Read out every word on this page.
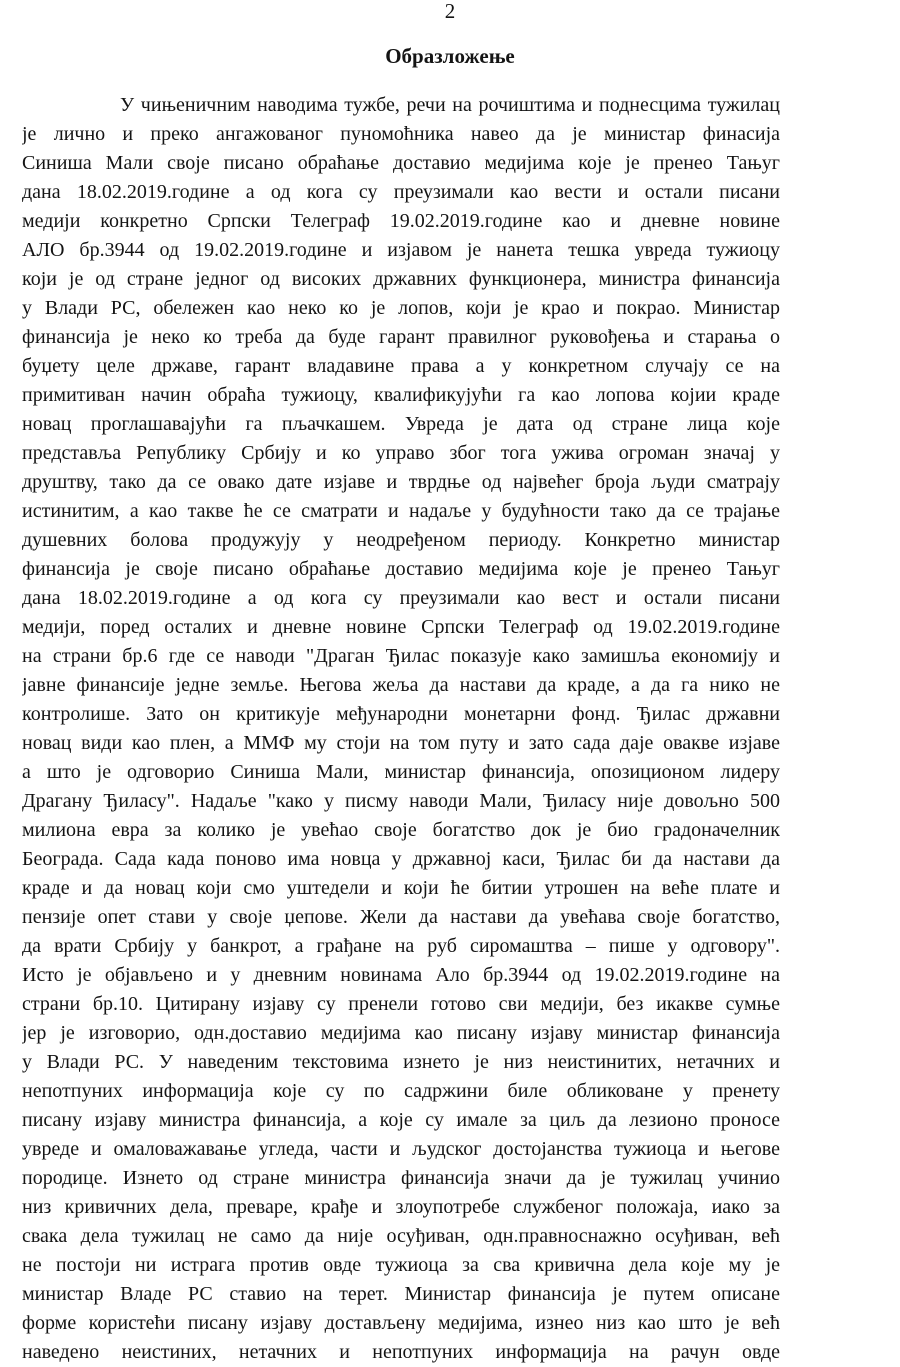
2
Образложење
У чињеничним наводима тужбе, речи на рочиштима и поднесцима тужилац
је лично и преко ангажованог пуномоћника навео да је министар финасија
Синиша Мали своје писано обраћање доставио медијима које је пренео Тањуг
дана 18.02.2019.године а од кога су преузимали као вести и остали писани
медији конкретно Српски Телеграф 19.02.2019.године као и дневне новине
АЛО бр.3944 од 19.02.2019.године и изјавом је нанета тешка увреда тужиоцу
који је од стране једног од високих државних функционера, министра финансија
у Влади РС, обележен као неко ко је лопов, који је крао и покрао. Министар
финансија је неко ко треба да буде гарант правилног руковођења и старања о
буџету целе државе, гарант владавине права а у конкретном случају се на
примитиван начин обраћа тужиоцу, квалификујући га као лопова којии краде
новац проглашавајући га пљачкашем. Увреда је дата од стране лица које
представља Републику Србију и ко управо због тога ужива огроман значај у
друштву, тако да се овако дате изјаве и тврдње од највећег броја људи сматрају
истинитим, а као такве ће се сматрати и надаље у будућности тако да се трајање
душевних болова продужују у неодређеном периоду. Конкретно министар
финансија је своје писано обраћање доставио медијима које је пренео Тањуг
дана 18.02.2019.године а од кога су преузимали као вест и остали писани
медији, поред осталих и дневне новине Српски Телеграф од 19.02.2019.године
на страни бр.6 где се наводи "Драган Ђилас показује како замишља економију и
јавне финансије једне земље. Његова жеља да настави да краде, а да га нико не
контролише. Зато он критикује међународни монетарни фонд. Ђилас државни
новац види као плен, а ММФ му стоји на том путу и зато сада даје овакве изјаве
а што је одговорио Синиша Мали, министар финансија, опозиционом лидеру
Драгану Ђиласу". Надаље "како у писму наводи Мали, Ђиласу није довољно 500
милиона евра за колико је увећао своје богатство док је био градоначелник
Београда. Сада када поново има новца у државној каси, Ђилас би да настави да
краде и да новац који смо уштедели и који ће битии утрошен на веће плате и
пензије опет стави у своје џепове. Жели да настави да увећава своје богатство,
да врати Србију у банкрот, а грађане на руб сиромаштва – пише у одговору".
Исто је објављено и у дневним новинама Ало бр.3944 од 19.02.2019.године на
страни бр.10. Цитирану изјаву су пренели готово сви медији, без икакве сумње
јер је изговорио, одн.доставио медијима као писану изјаву министар финансија
у Влади РС. У наведеним текстовима изнето је низ неистинитих, нетачних и
непотпуних информација које су по садржини биле обликоване у пренету
писану изјаву министра финансија, а које су имале за циљ да лезионо проносе
увреде и омаловажавање угледа, части и људског достојанства тужиоца и његове
породице. Изнето од стране министра финансија значи да је тужилац учинио
низ кривичних дела, преваре, крађе и злоупотребе службеног положаја, иако за
свака дела тужилац не само да није осуђиван, одн.правноснажно осуђиван, већ
не постоји ни истрага против овде тужиоца за сва кривична дела које му је
министар Владе РС ставио на терет. Министар финансија је путем описане
форме користећи писану изјаву достављену медијима, изнео низ као што је већ
наведено неистиних, нетачних и непотпуних информација на рачун овде
